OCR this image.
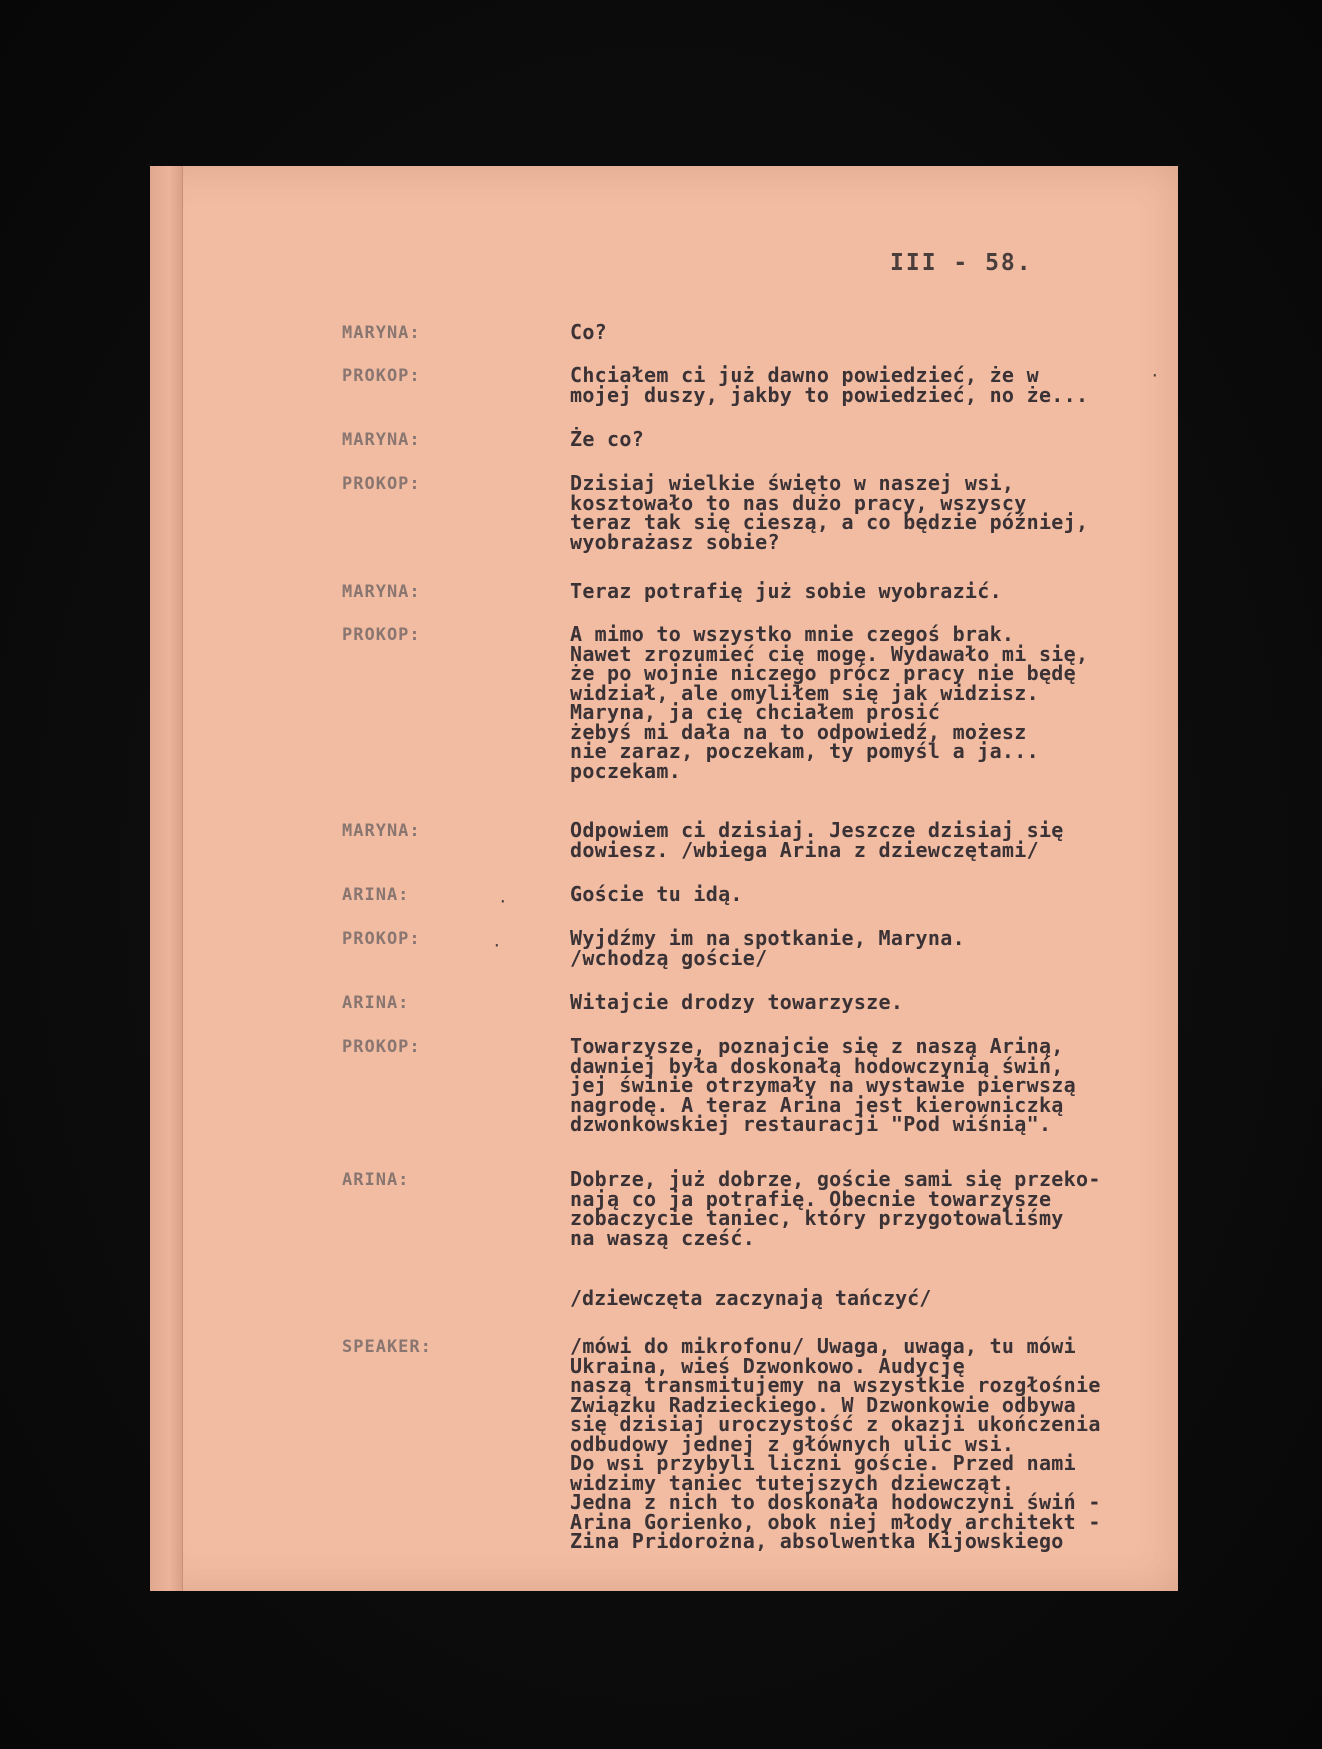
III - 58.
MARYNA:	Co?
PROKOP:	Chciałem ci już dawno powiedzieć, że w
mojej duszy, jakby to powiedzieć, no że...
MARYNA:	Że co?
PROKOP:	Dzisiaj wielkie święto w naszej wsi,
kosztowało to nas dużo pracy, wszyscy
teraz tak się cieszą, a co będzie później,
wyobrażasz sobie?
MARYNA:	Teraz potrafię już sobie wyobrazić.
PROKOP:	A mimo to wszystko mnie czegoś brak.
Nawet zrozumieć cię mogę. Wydawało mi się,
że po wojnie niczego prócz pracy nie będę
widział, ale omyliłem się jak widzisz.
Maryna, ja cię chciałem prosić
żebyś mi dała na to odpowiedź, możesz
nie zaraz, poczekam, ty pomyśl a ja...
poczekam.
MARYNA:	Odpowiem ci dzisiaj. Jeszcze dzisiaj się
dowiesz. /wbiega Arina z dziewczętami/
ARINA:	Goście tu idą.
PROKOP:	Wyjdźmy im na spotkanie, Maryna.
/wchodzą goście/
ARINA:	Witajcie drodzy towarzysze.
PROKOP:	Towarzysze, poznajcie się z naszą Ariną,
dawniej była doskonałą hodowczynią świń,
jej świnie otrzymały na wystawie pierwszą
nagrodę. A teraz Arina jest kierowniczką
dzwonkowskiej restauracji "Pod wiśnią".
ARINA:	Dobrze, już dobrze, goście sami się przeko-
nają co ja potrafię. Obecnie towarzysze
zobaczycie taniec, który przygotowaliśmy
na waszą cześć.
/dziewczęta zaczynają tańczyć/
SPEAKER:	/mówi do mikrofonu/ Uwaga, uwaga, tu mówi
Ukraina, wieś Dzwonkowo. Audycję
naszą transmitujemy na wszystkie rozgłośnie
Związku Radzieckiego. W Dzwonkowie odbywa
się dzisiaj uroczystość z okazji ukończenia
odbudowy jednej z głównych ulic wsi.
Do wsi przybyli liczni goście. Przed nami
widzimy taniec tutejszych dziewcząt.
Jedna z nich to doskonała hodowczyni świń -
Arina Gorienko, obok niej młody architekt -
Zina Pridorożna, absolwentka Kijowskiego
·
·
·
